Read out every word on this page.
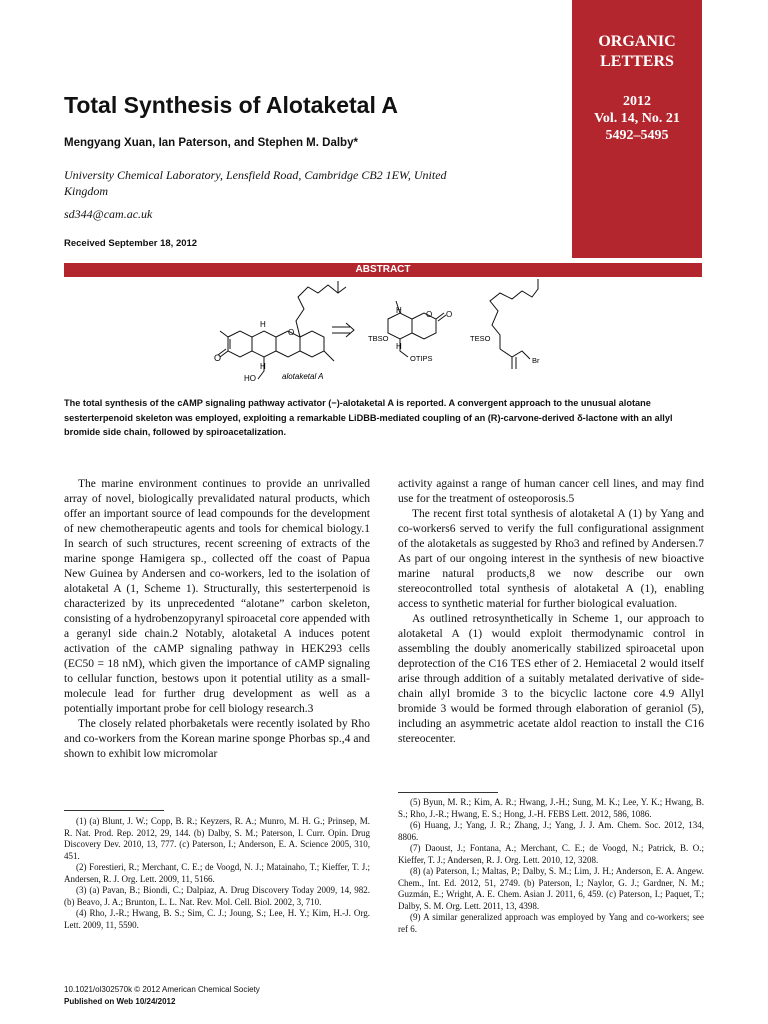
ORGANIC
LETTERS
2012
Vol. 14, No. 21
5492–5495
Total Synthesis of Alotaketal A
Mengyang Xuan, Ian Paterson, and Stephen M. Dalby*
University Chemical Laboratory, Lensfield Road, Cambridge CB2 1EW, United Kingdom
sd344@cam.ac.uk
Received September 18, 2012
ABSTRACT
O
O
H
H
HO	alotaketal A
TBSO
OTIPS
H
H
O O
TESO
Br
The total synthesis of the cAMP signaling pathway activator (−)-alotaketal A is reported. A convergent approach to the unusual alotane sesterterpenoid skeleton was employed, exploiting a remarkable LiDBB-mediated coupling of an (R)-carvone-derived δ-lactone with an allyl bromide side chain, followed by spiroacetalization.

The marine environment continues to provide an unrivalled array of novel, biologically prevalidated natural products, which offer an important source of lead compounds for the development of new chemotherapeutic agents and tools for chemical biology.1 In search of such structures, recent screening of extracts of the marine sponge Hamigera sp., collected off the coast of Papua New Guinea by Andersen and co-workers, led to the isolation of alotaketal A (1, Scheme 1). Structurally, this sesterterpenoid is characterized by its unprecedented “alotane” carbon skeleton, consisting of a hydrobenzopyranyl spiroacetal core appended with a geranyl side chain.2 Notably, alotaketal A induces potent activation of the cAMP signaling pathway in HEK293 cells (EC50 = 18 nM), which given the importance of cAMP signaling to cellular function, bestows upon it potential utility as a small-molecule lead for further drug development as well as a potentially important probe for cell biology research.3

The closely related phorbaketals were recently isolated by Rho and co-workers from the Korean marine sponge Phorbas sp.,4 and shown to exhibit low micromolar

activity against a range of human cancer cell lines, and may find use for the treatment of osteoporosis.5

The recent first total synthesis of alotaketal A (1) by Yang and co-workers6 served to verify the full configurational assignment of the alotaketals as suggested by Rho3 and refined by Andersen.7 As part of our ongoing interest in the synthesis of new bioactive marine natural products,8 we now describe our own stereocontrolled total synthesis of alotaketal A (1), enabling access to synthetic material for further biological evaluation.

As outlined retrosynthetically in Scheme 1, our approach to alotaketal A (1) would exploit thermodynamic control in assembling the doubly anomerically stabilized spiroacetal upon deprotection of the C16 TES ether of 2. Hemiacetal 2 would itself arise through addition of a suitably metalated derivative of side-chain allyl bromide 3 to the bicyclic lactone core 4.9 Allyl bromide 3 would be formed through elaboration of geraniol (5), including an asymmetric acetate aldol reaction to install the C16 stereocenter.

(1) (a) Blunt, J. W.; Copp, B. R.; Keyzers, R. A.; Munro, M. H. G.; Prinsep, M. R. Nat. Prod. Rep. 2012, 29, 144. (b) Dalby, S. M.; Paterson, I. Curr. Opin. Drug Discovery Dev. 2010, 13, 777. (c) Paterson, I.; Anderson, E. A. Science 2005, 310, 451.
(2) Forestieri, R.; Merchant, C. E.; de Voogd, N. J.; Matainaho, T.; Kieffer, T. J.; Andersen, R. J. Org. Lett. 2009, 11, 5166.
(3) (a) Pavan, B.; Biondi, C.; Dalpiaz, A. Drug Discovery Today 2009, 14, 982. (b) Beavo, J. A.; Brunton, L. L. Nat. Rev. Mol. Cell. Biol. 2002, 3, 710.
(4) Rho, J.-R.; Hwang, B. S.; Sim, C. J.; Joung, S.; Lee, H. Y.; Kim, H.-J. Org. Lett. 2009, 11, 5590.
(5) Byun, M. R.; Kim, A. R.; Hwang, J.-H.; Sung, M. K.; Lee, Y. K.; Hwang, B. S.; Rho, J.-R.; Hwang, E. S.; Hong, J.-H. FEBS Lett. 2012, 586, 1086.
(6) Huang, J.; Yang, J. R.; Zhang, J.; Yang, J. J. Am. Chem. Soc. 2012, 134, 8806.
(7) Daoust, J.; Fontana, A.; Merchant, C. E.; de Voogd, N.; Patrick, B. O.; Kieffer, T. J.; Andersen, R. J. Org. Lett. 2010, 12, 3208.
(8) (a) Paterson, I.; Maltas, P.; Dalby, S. M.; Lim, J. H.; Anderson, E. A. Angew. Chem., Int. Ed. 2012, 51, 2749. (b) Paterson, I.; Naylor, G. J.; Gardner, N. M.; Guzmán, E.; Wright, A. E. Chem. Asian J. 2011, 6, 459. (c) Paterson, I.; Paquet, T.; Dalby, S. M. Org. Lett. 2011, 13, 4398.
(9) A similar generalized approach was employed by Yang and co-workers; see ref 6.
10.1021/ol302570k © 2012 American Chemical Society
Published on Web 10/24/2012
